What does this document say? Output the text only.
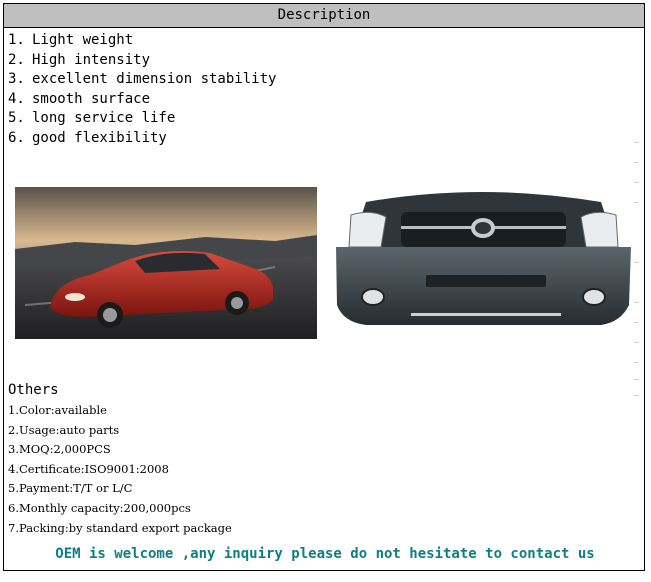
Description
1. Light weight
2. High intensity
3. excellent dimension stability
4. smooth surface
5. long service life
6. good flexibility
Others
1.Color:available
2.Usage:auto parts
3.MOQ:2,000PCS
4.Certificate:ISO9001:2008
5.Payment:T/T or L/C
6.Monthly capacity:200,000pcs
7.Packing:by standard export package
OEM is welcome ,any inquiry please do not hesitate to contact us
